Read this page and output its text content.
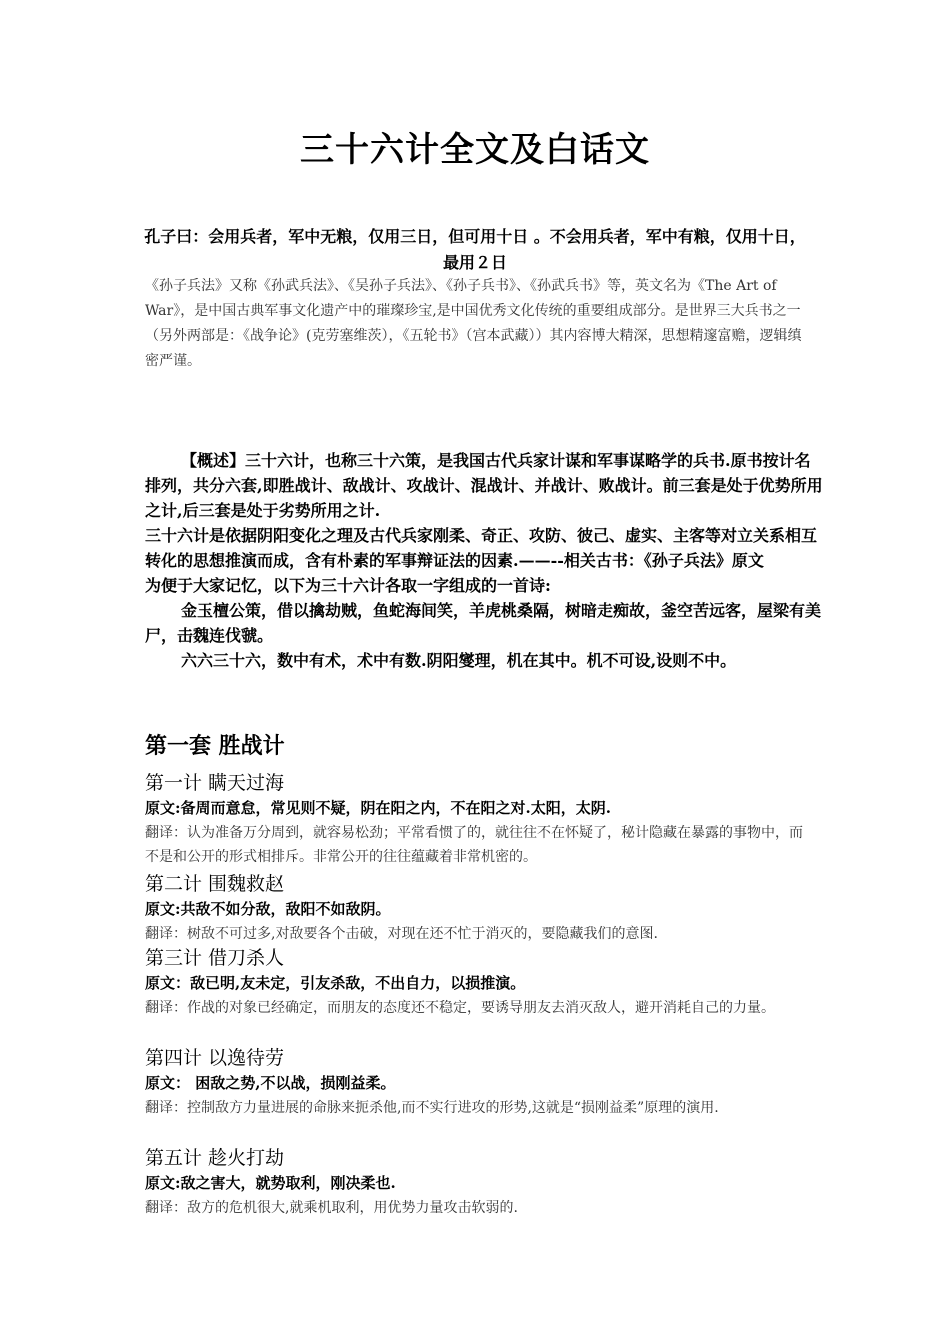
三十六计全文及白话文
孔子曰：会用兵者，军中无粮，仅用三日，但可用十日 。不会用兵者，军中有粮，仅用十日，最用２日
《孙子兵法》又称《孙武兵法》、《吴孙子兵法》、《孙子兵书》、《孙武兵书》等，英文名为《The Art of War》，是中国古典军事文化遗产中的璀璨珍宝,是中国优秀文化传统的重要组成部分。是世界三大兵书之一（另外两部是：《战争论》(克劳塞维茨），《五轮书》（宫本武藏））其内容博大精深，思想精邃富赡，逻辑缜密严谨。

【概述】三十六计，也称三十六策，是我国古代兵家计谋和军事谋略学的兵书.原书按计名排列，共分六套,即胜战计、敌战计、攻战计、混战计、并战计、败战计。前三套是处于优势所用之计,后三套是处于劣势所用之计.

三十六计是依据阴阳变化之理及古代兵家刚柔、奇正、攻防、彼己、虚实、主客等对立关系相互转化的思想推演而成，含有朴素的军事辩证法的因素.——--相关古书：《孙子兵法》原文

为便于大家记忆，以下为三十六计各取一字组成的一首诗:

金玉檀公策，借以擒劫贼，鱼蛇海间笑，羊虎桃桑隔，树暗走痴故，釜空苦远客，屋梁有美尸，击魏连伐虢。

六六三十六，数中有术，术中有数.阴阳燮理，机在其中。机不可设,设则不中。

第一套 胜战计
第一计 瞒天过海
原文:备周而意怠，常见则不疑，阴在阳之内，不在阳之对.太阳，太阴.
翻译：认为准备万分周到，就容易松劲；平常看惯了的，就往往不在怀疑了，秘计隐藏在暴露的事物中，而不是和公开的形式相排斥。非常公开的往往蕴藏着非常机密的。
第二计 围魏救赵
原文:共敌不如分敌，敌阳不如敌阴。
翻译：树敌不可过多,对敌要各个击破，对现在还不忙于消灭的，要隐藏我们的意图.
第三计 借刀杀人
原文：敌已明,友未定，引友杀敌，不出自力，以损推演。
翻译：作战的对象已经确定，而朋友的态度还不稳定，要诱导朋友去消灭敌人，避开消耗自己的力量。
第四计 以逸待劳
原文： 困敌之势,不以战，损刚益柔。
翻译：控制敌方力量进展的命脉来扼杀他,而不实行进攻的形势,这就是“损刚益柔”原理的演用.
第五计 趁火打劫
原文:敌之害大，就势取利，刚决柔也.
翻译：敌方的危机很大,就乘机取利，用优势力量攻击软弱的.
